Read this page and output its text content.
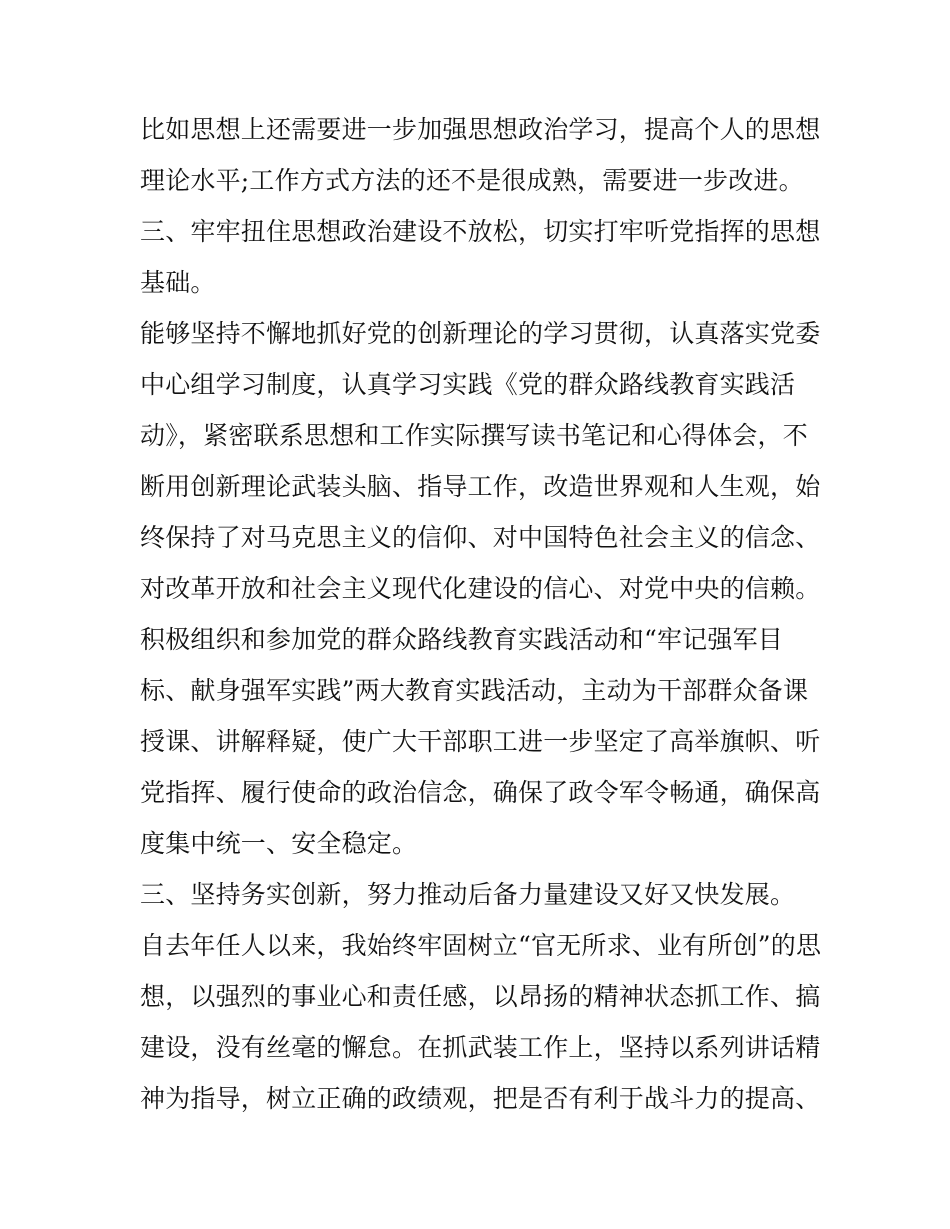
比如思想上还需要进一步加强思想政治学习，提高个人的思想
理论水平;工作方式方法的还不是很成熟，需要进一步改进。
三、牢牢扭住思想政治建设不放松，切实打牢听党指挥的思想
基础。
能够坚持不懈地抓好党的创新理论的学习贯彻，认真落实党委
中心组学习制度，认真学习实践《党的群众路线教育实践活
动》，紧密联系思想和工作实际撰写读书笔记和心得体会，不
断用创新理论武装头脑、指导工作，改造世界观和人生观，始
终保持了对马克思主义的信仰、对中国特色社会主义的信念、
对改革开放和社会主义现代化建设的信心、对党中央的信赖。
积极组织和参加党的群众路线教育实践活动和“牢记强军目
标、献身强军实践”两大教育实践活动，主动为干部群众备课
授课、讲解释疑，使广大干部职工进一步坚定了高举旗帜、听
党指挥、履行使命的政治信念，确保了政令军令畅通，确保高
度集中统一、安全稳定。
三、坚持务实创新，努力推动后备力量建设又好又快发展。
自去年任人以来，我始终牢固树立“官无所求、业有所创”的思
想，以强烈的事业心和责任感，以昂扬的精神状态抓工作、搞
建设，没有丝毫的懈怠。在抓武装工作上，坚持以系列讲话精
神为指导，树立正确的政绩观，把是否有利于战斗力的提高、
